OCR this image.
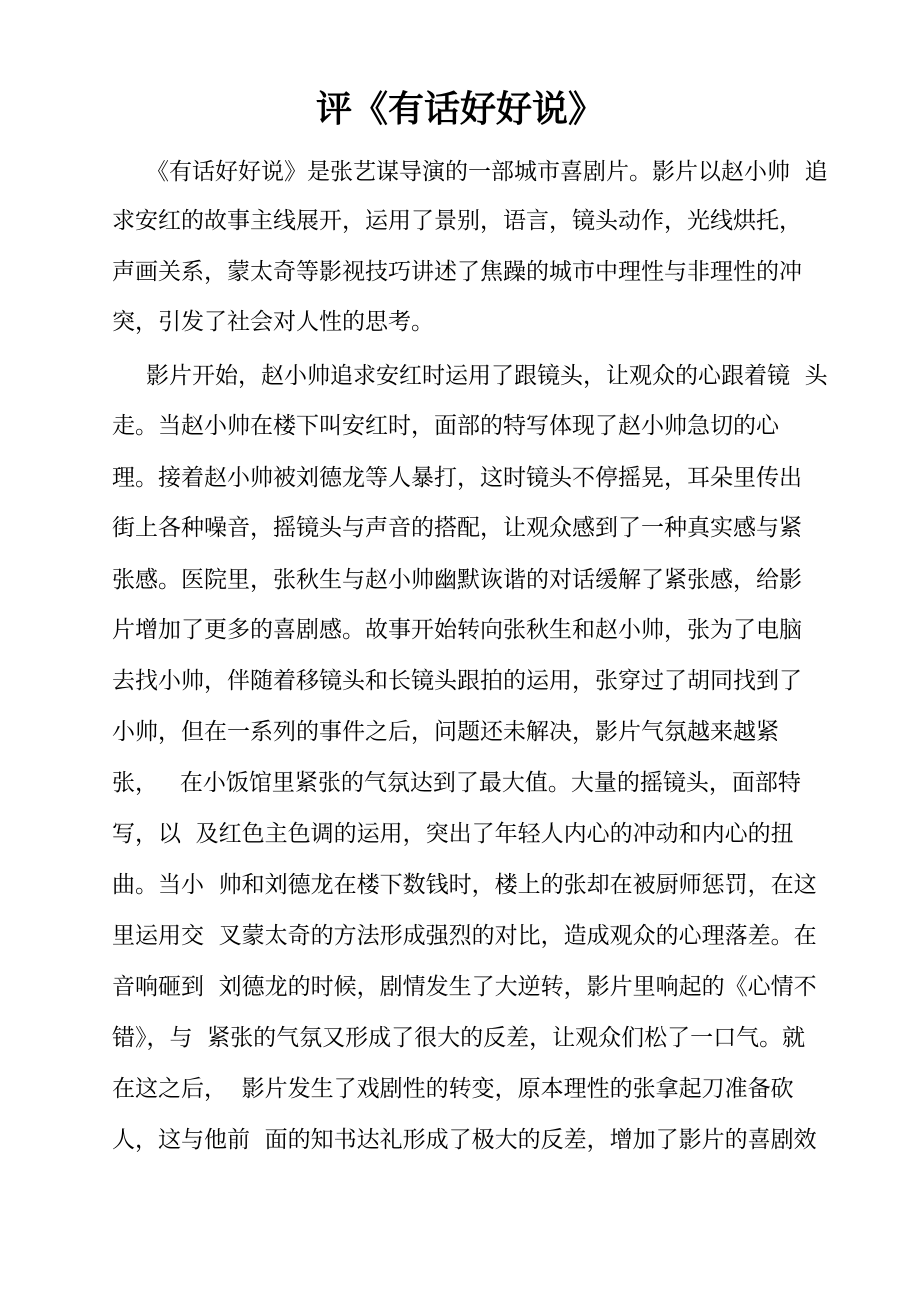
评《有话好好说》
《有话好好说》是张艺谋导演的一部城市喜剧片。影片以赵小帅  追
求安红的故事主线展开，运用了景别，语言，镜头动作，光线烘托，
声画关系，蒙太奇等影视技巧讲述了焦躁的城市中理性与非理性的冲
突，引发了社会对人性的思考。
影片开始，赵小帅追求安红时运用了跟镜头，让观众的心跟着镜  头
走。当赵小帅在楼下叫安红时，面部的特写体现了赵小帅急切的心
理。接着赵小帅被刘德龙等人暴打，这时镜头不停摇晃，耳朵里传出
街上各种噪音，摇镜头与声音的搭配，让观众感到了一种真实感与紧
张感。医院里，张秋生与赵小帅幽默诙谐的对话缓解了紧张感，给影
片增加了更多的喜剧感。故事开始转向张秋生和赵小帅，张为了电脑
去找小帅，伴随着移镜头和长镜头跟拍的运用，张穿过了胡同找到了
小帅，但在一系列的事件之后，问题还未解决，影片气氛越来越紧
张，   在小饭馆里紧张的气氛达到了最大值。大量的摇镜头，面部特
写，以  及红色主色调的运用，突出了年轻人内心的冲动和内心的扭
曲。当小  帅和刘德龙在楼下数钱时，楼上的张却在被厨师惩罚，在这
里运用交  叉蒙太奇的方法形成强烈的对比，造成观众的心理落差。在
音响砸到  刘德龙的时候，剧情发生了大逆转，影片里响起的《心情不
错》，与  紧张的气氛又形成了很大的反差，让观众们松了一口气。就
在这之后，  影片发生了戏剧性的转变，原本理性的张拿起刀准备砍
人，这与他前  面的知书达礼形成了极大的反差，增加了影片的喜剧效
